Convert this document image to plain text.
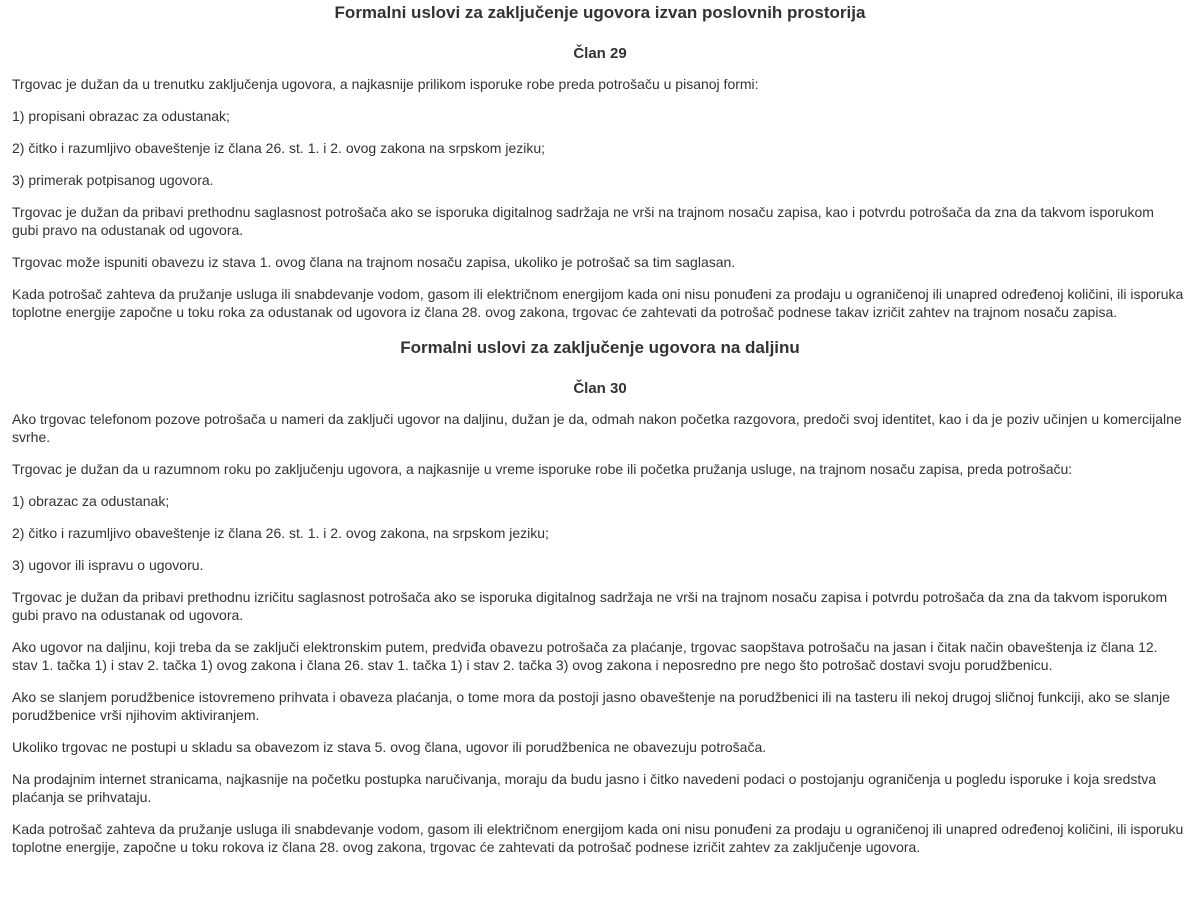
Formalni uslovi za zaključenje ugovora izvan poslovnih prostorija
Član 29

Trgovac je dužan da u trenutku zaključenja ugovora, a najkasnije prilikom isporuke robe preda potrošaču u pisanoj formi:

1) propisani obrazac za odustanak;

2) čitko i razumljivo obaveštenje iz člana 26. st. 1. i 2. ovog zakona na srpskom jeziku;

3) primerak potpisanog ugovora.

Trgovac je dužan da pribavi prethodnu saglasnost potrošača ako se isporuka digitalnog sadržaja ne vrši na trajnom nosaču zapisa, kao i potvrdu potrošača da zna da takvom isporukom gubi pravo na odustanak od ugovora.

Trgovac može ispuniti obavezu iz stava 1. ovog člana na trajnom nosaču zapisa, ukoliko je potrošač sa tim saglasan.

Kada potrošač zahteva da pružanje usluga ili snabdevanje vodom, gasom ili električnom energijom kada oni nisu ponuđeni za prodaju u ograničenoj ili unapred određenoj količini, ili isporuka toplotne energije započne u toku roka za odustanak od ugovora iz člana 28. ovog zakona, trgovac će zahtevati da potrošač podnese takav izričit zahtev na trajnom nosaču zapisa.

Formalni uslovi za zaključenje ugovora na daljinu
Član 30

Ako trgovac telefonom pozove potrošača u nameri da zaključi ugovor na daljinu, dužan je da, odmah nakon početka razgovora, predoči svoj identitet, kao i da je poziv učinjen u komercijalne svrhe.

Trgovac je dužan da u razumnom roku po zaključenju ugovora, a najkasnije u vreme isporuke robe ili početka pružanja usluge, na trajnom nosaču zapisa, preda potrošaču:

1) obrazac za odustanak;

2) čitko i razumljivo obaveštenje iz člana 26. st. 1. i 2. ovog zakona, na srpskom jeziku;

3) ugovor ili ispravu o ugovoru.

Trgovac je dužan da pribavi prethodnu izričitu saglasnost potrošača ako se isporuka digitalnog sadržaja ne vrši na trajnom nosaču zapisa i potvrdu potrošača da zna da takvom isporukom gubi pravo na odustanak od ugovora.

Ako ugovor na daljinu, koji treba da se zaključi elektronskim putem, predviđa obavezu potrošača za plaćanje, trgovac saopštava potrošaču na jasan i čitak način obaveštenja iz člana 12. stav 1. tačka 1) i stav 2. tačka 1) ovog zakona i člana 26. stav 1. tačka 1) i stav 2. tačka 3) ovog zakona i neposredno pre nego što potrošač dostavi svoju porudžbenicu.

Ako se slanjem porudžbenice istovremeno prihvata i obaveza plaćanja, o tome mora da postoji jasno obaveštenje na porudžbenici ili na tasteru ili nekoj drugoj sličnoj funkciji, ako se slanje porudžbenice vrši njihovim aktiviranjem.

Ukoliko trgovac ne postupi u skladu sa obavezom iz stava 5. ovog člana, ugovor ili porudžbenica ne obavezuju potrošača.

Na prodajnim internet stranicama, najkasnije na početku postupka naručivanja, moraju da budu jasno i čitko navedeni podaci o postojanju ograničenja u pogledu isporuke i koja sredstva plaćanja se prihvataju.

Kada potrošač zahteva da pružanje usluga ili snabdevanje vodom, gasom ili električnom energijom kada oni nisu ponuđeni za prodaju u ograničenoj ili unapred određenoj količini, ili isporuku toplotne energije, započne u toku rokova iz člana 28. ovog zakona, trgovac će zahtevati da potrošač podnese izričit zahtev za zaključenje ugovora.
